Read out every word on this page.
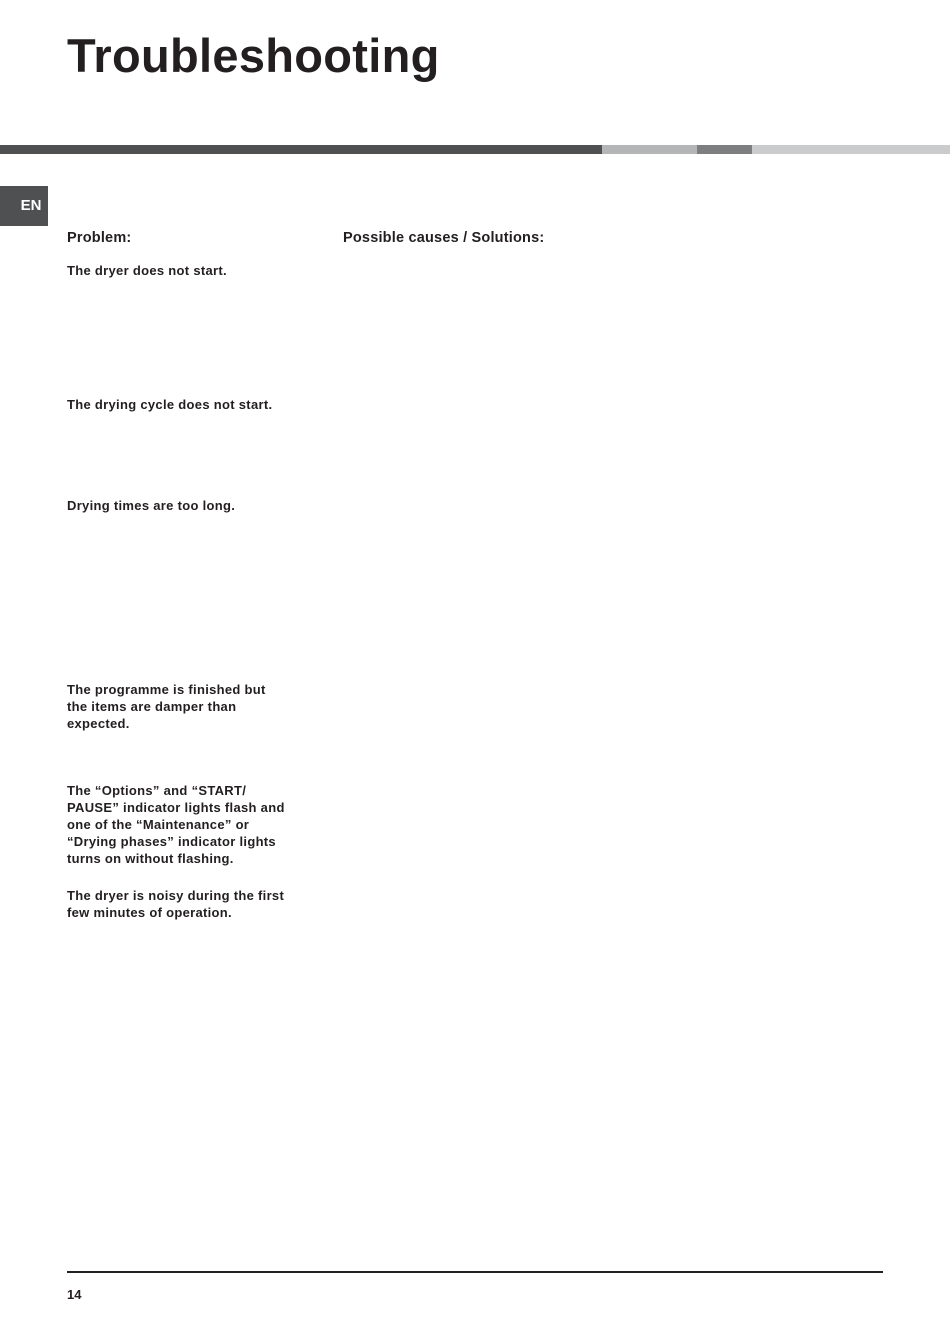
Troubleshooting
EN
Problem:	Possible causes / Solutions:

The dryer does not start.

The drying cycle does not start.

Drying times are too long.

The programme is finished but
the items are damper than
expected.

The “Options” and “START/
PAUSE” indicator lights flash and
one of the “Maintenance” or
“Drying phases” indicator lights
turns on without flashing.

The dryer is noisy during the first
few minutes of operation.

14
